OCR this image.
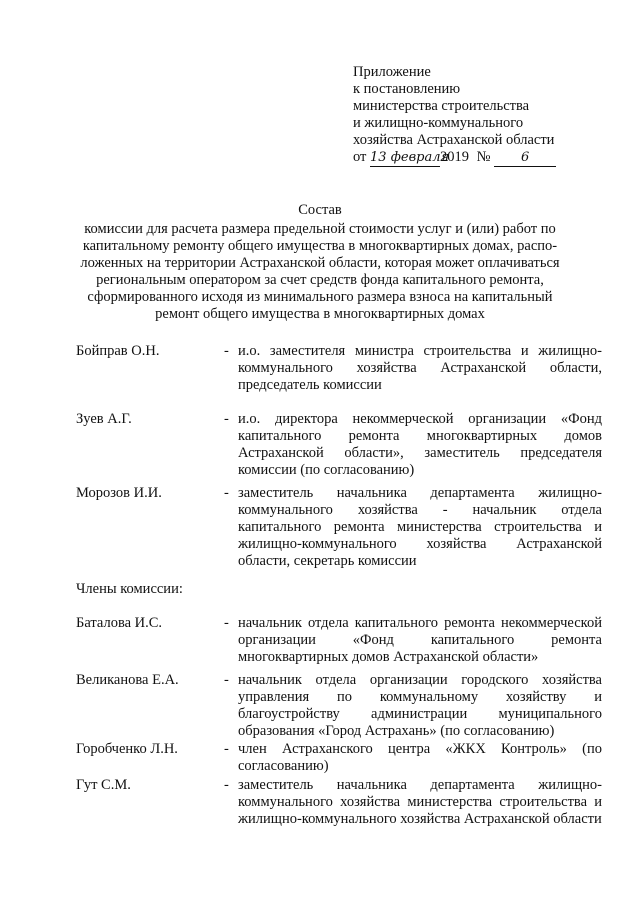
Приложение
к постановлению
министерства строительства
и жилищно-коммунального
хозяйства Астраханской области
от 13 февраля2019 № 6
Состав
комиссии для расчета размера предельной стоимости услуг и (или) работ по
капитальному ремонту общего имущества в многоквартирных домах, распо-
ложенных на территории Астраханской области, которая может оплачиваться
региональным оператором за счет средств фонда капитального ремонта,
сформированного исходя из минимального размера взноса на капитальный
ремонт общего имущества в многоквартирных домах
Бойправ О.Н.	- и.о. заместителя министра строительства и жилищно-коммунального хозяйства Астраханской области, председатель комиссии
Зуев А.Г.	- и.о. директора некоммерческой организации «Фонд капитального ремонта многоквартирных домов Астраханской области», заместитель председателя комиссии (по согласованию)
Морозов И.И.	- заместитель начальника департамента жилищно-коммунального хозяйства - начальник отдела капитального ремонта министерства строительства и жилищно-коммунального хозяйства Астраханской области, секретарь комиссии
Члены комиссии:
Баталова И.С.	- начальник отдела капитального ремонта некоммерческой организации «Фонд капитального ремонта многоквартирных домов Астраханской области»
Великанова Е.А.	- начальник отдела организации городского хозяйства управления по коммунальному хозяйству и благоустройству администрации муниципального образования «Город Астрахань» (по согласованию)
Горобченко Л.Н.	- член Астраханского центра «ЖКХ Контроль» (по согласованию)
Гут С.М.	- заместитель начальника департамента жилищно-коммунального хозяйства министерства строительства и жилищно-коммунального хозяйства Астраханской области
